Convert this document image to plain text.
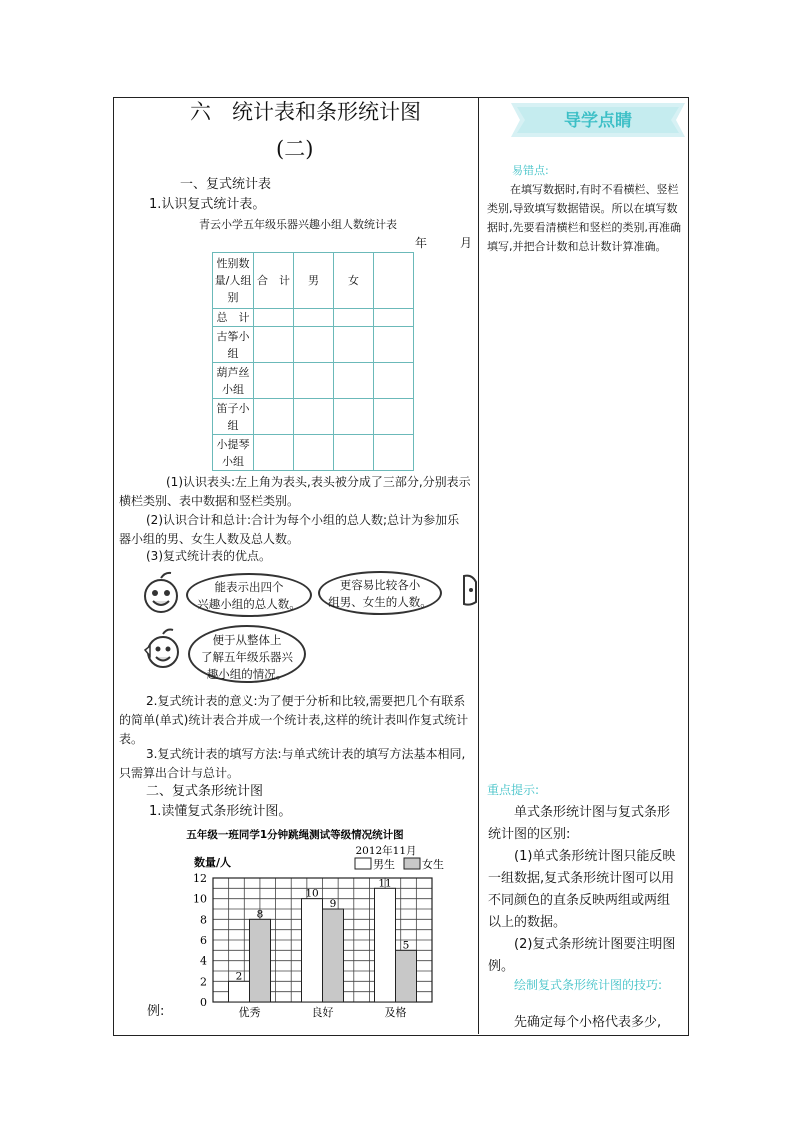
六　统计表和条形统计图
(二)
导学点睛
一、复式统计表
1.认识复式统计表。
青云小学五年级乐器兴趣小组人数统计表
年	月
性别数
量/人组
别	合　计	男	女	
总　计				

古筝小
组				

葫芦丝
小组				

笛子小
组				

小提琴
小组				

(1)认识表头:左上角为表头,表头被分成了三部分,分别表示横栏类别、表中数据和竖栏类别。
(2)认识合计和总计:合计为每个小组的总人数;总计为参加乐器小组的男、女生人数及总人数。
(3)复式统计表的优点。
能表示出四个
兴趣小组的总人数。
更容易比较各小
组男、女生的人数。
便于从整体上
了解五年级乐器兴
趣小组的情况。
2.复式统计表的意义:为了便于分析和比较,需要把几个有联系的简单(单式)统计表合并成一个统计表,这样的统计表叫作复式统计表。
3.复式统计表的填写方法:与单式统计表的填写方法基本相同,只需算出合计与总计。
二、复式条形统计图
1.读懂复式条形统计图。
例:
五年级一班同学1分钟跳绳测试等级情况统计图
2012年11月
数量/人	男生 女生
0
2
4
6
8
10
12
2
8
优秀
10
9
良好
11
5
及格
易错点:
在填写数据时,有时不看横栏、竖栏类别,导致填写数据错误。所以在填写数据时,先要看清横栏和竖栏的类别,再准确填写,并把合计数和总计数计算准确。
重点提示:
单式条形统计图与复式条形统计图的区别:
(1)单式条形统计图只能反映一组数据,复式条形统计图可以用不同颜色的直条反映两组或两组以上的数据。
(2)复式条形统计图要注明图例。
绘制复式条形统计图的技巧:
先确定每个小格代表多少,
